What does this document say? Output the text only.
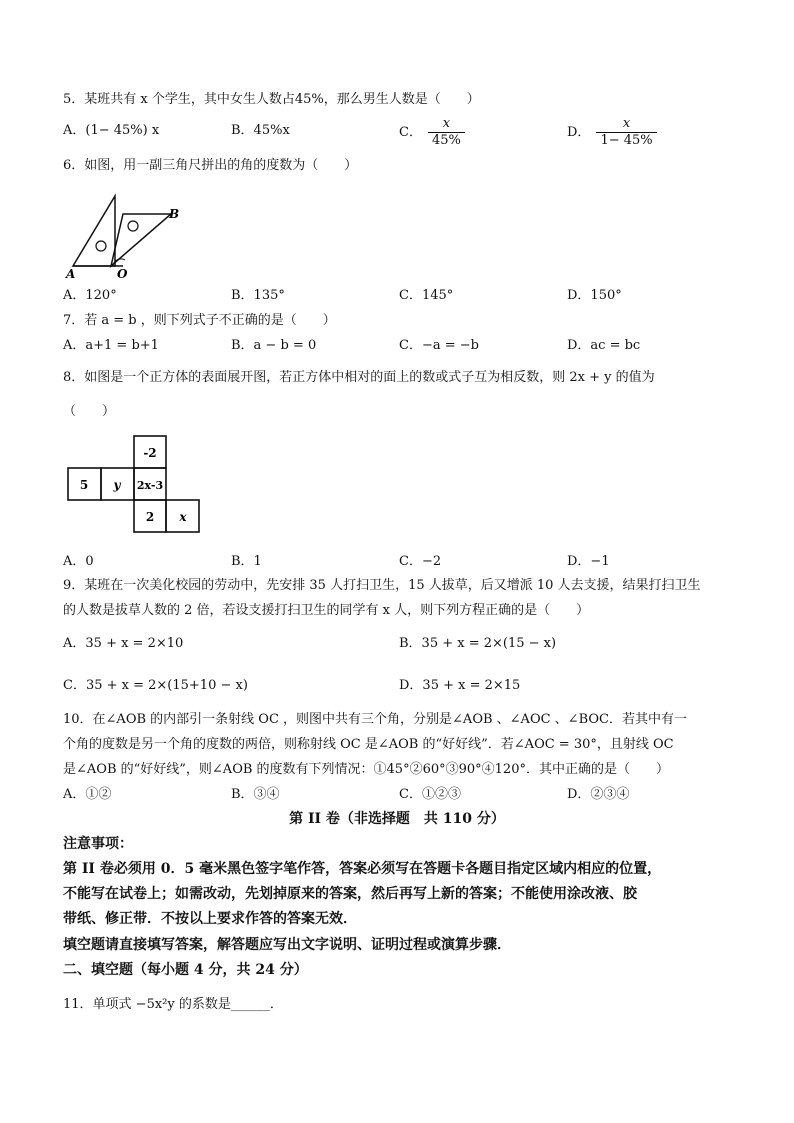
5．某班共有 x 个学生，其中女生人数占45%，那么男生人数是（　　）
A．(1− 45%) x	B．45%x	C． $\frac{x}{45\%}$	D． $\frac{x}{1- 45\%}$
6．如图，用一副三角尺拼出的角的度数为（　　）
A	O
B
A．120°	B．135°	C．145°	D．150°
7．若 a = b ，则下列式子不正确的是（　　）
A．a+1 = b+1	B．a − b = 0	C．−a = −b	D．ac = bc
8．如图是一个正方体的表面展开图，若正方体中相对的面上的数或式子互为相反数，则 2x + y 的值为
（　　）
-2
5 y 2x-3
2 x
A．0	B．1	C．−2	D．−1
9．某班在一次美化校园的劳动中，先安排 35 人打扫卫生，15 人拔草，后又增派 10 人去支援，结果打扫卫生
的人数是拔草人数的 2 倍，若设支援打扫卫生的同学有 x 人，则下列方程正确的是（　　）
A．35 + x = 2×10	B．35 + x = 2×(15 − x)
C．35 + x = 2×(15+10 − x)	D．35 + x = 2×15
10．在∠AOB 的内部引一条射线 OC ，则图中共有三个角，分别是∠AOB 、∠AOC 、∠BOC．若其中有一
个角的度数是另一个角的度数的两倍，则称射线 OC 是∠AOB 的“好好线”．若∠AOC = 30°，且射线 OC
是∠AOB 的“好好线”，则∠AOB 的度数有下列情况：①45°②60°③90°④120°．其中正确的是（　　）
A．①②	B．③④	C．①②③	D．②③④
第 II 卷（非选择题　共 110 分）
注意事项：
第 II 卷必须用 0．5 毫米黑色签字笔作答，答案必须写在答题卡各题目指定区域内相应的位置，
不能写在试卷上；如需改动，先划掉原来的答案，然后再写上新的答案；不能使用涂改液、胶
带纸、修正带．不按以上要求作答的答案无效．
填空题请直接填写答案，解答题应写出文字说明、证明过程或演算步骤．
二、填空题（每小题 4 分，共 24 分）
11．单项式 −5x²y 的系数是______．
